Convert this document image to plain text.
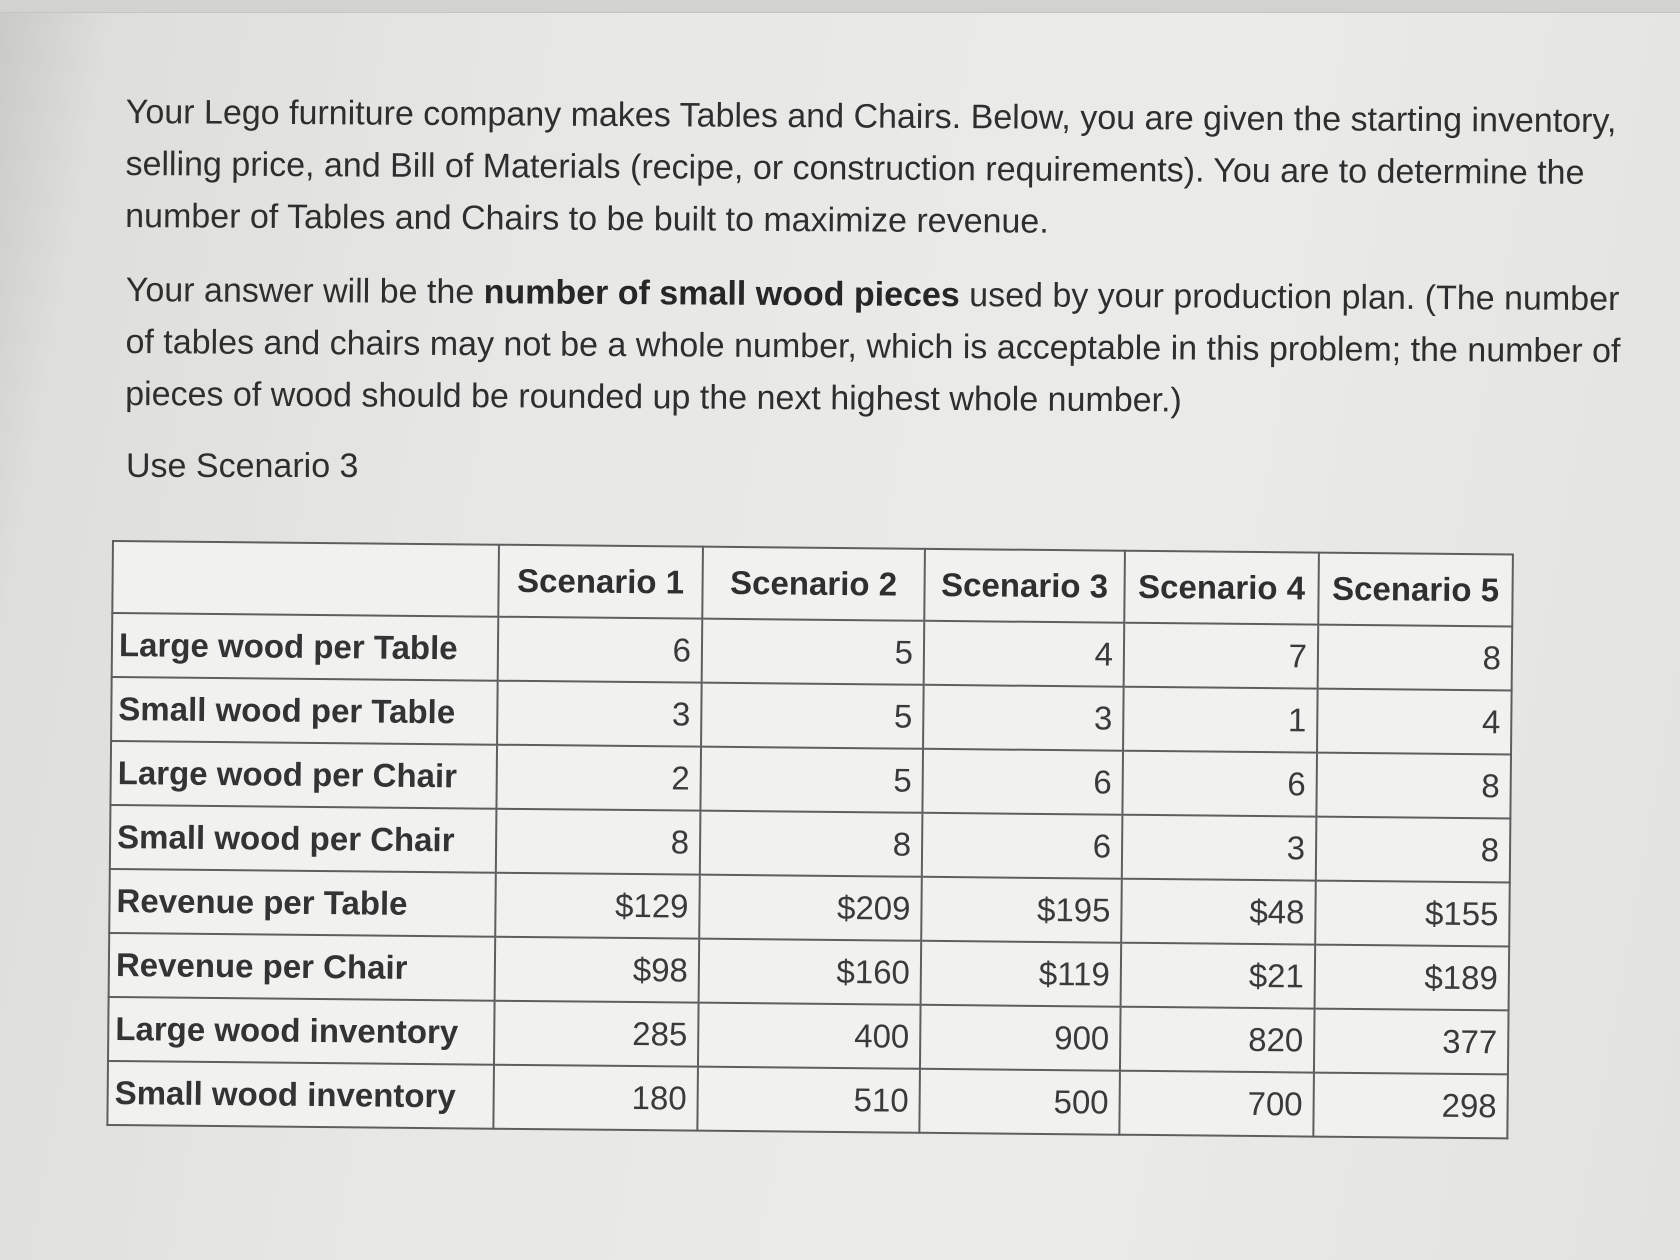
Your Lego furniture company makes Tables and Chairs. Below, you are given the starting inventory, selling price, and Bill of Materials (recipe, or construction requirements). You are to determine the number of Tables and Chairs to be built to maximize revenue.

Your answer will be the number of small wood pieces used by your production plan. (The number of tables and chairs may not be a whole number, which is acceptable in this problem; the number of pieces of wood should be rounded up the next highest whole number.)

Use Scenario 3

	Scenario 1	Scenario 2	Scenario 3	Scenario 4	Scenario 5
Large wood per Table	6	5	4	7	8
Small wood per Table	3	5	3	1	4
Large wood per Chair	2	5	6	6	8
Small wood per Chair	8	8	6	3	8
Revenue per Table	$129	$209	$195	$48	$155
Revenue per Chair	$98	$160	$119	$21	$189
Large wood inventory	285	400	900	820	377
Small wood inventory	180	510	500	700	298
